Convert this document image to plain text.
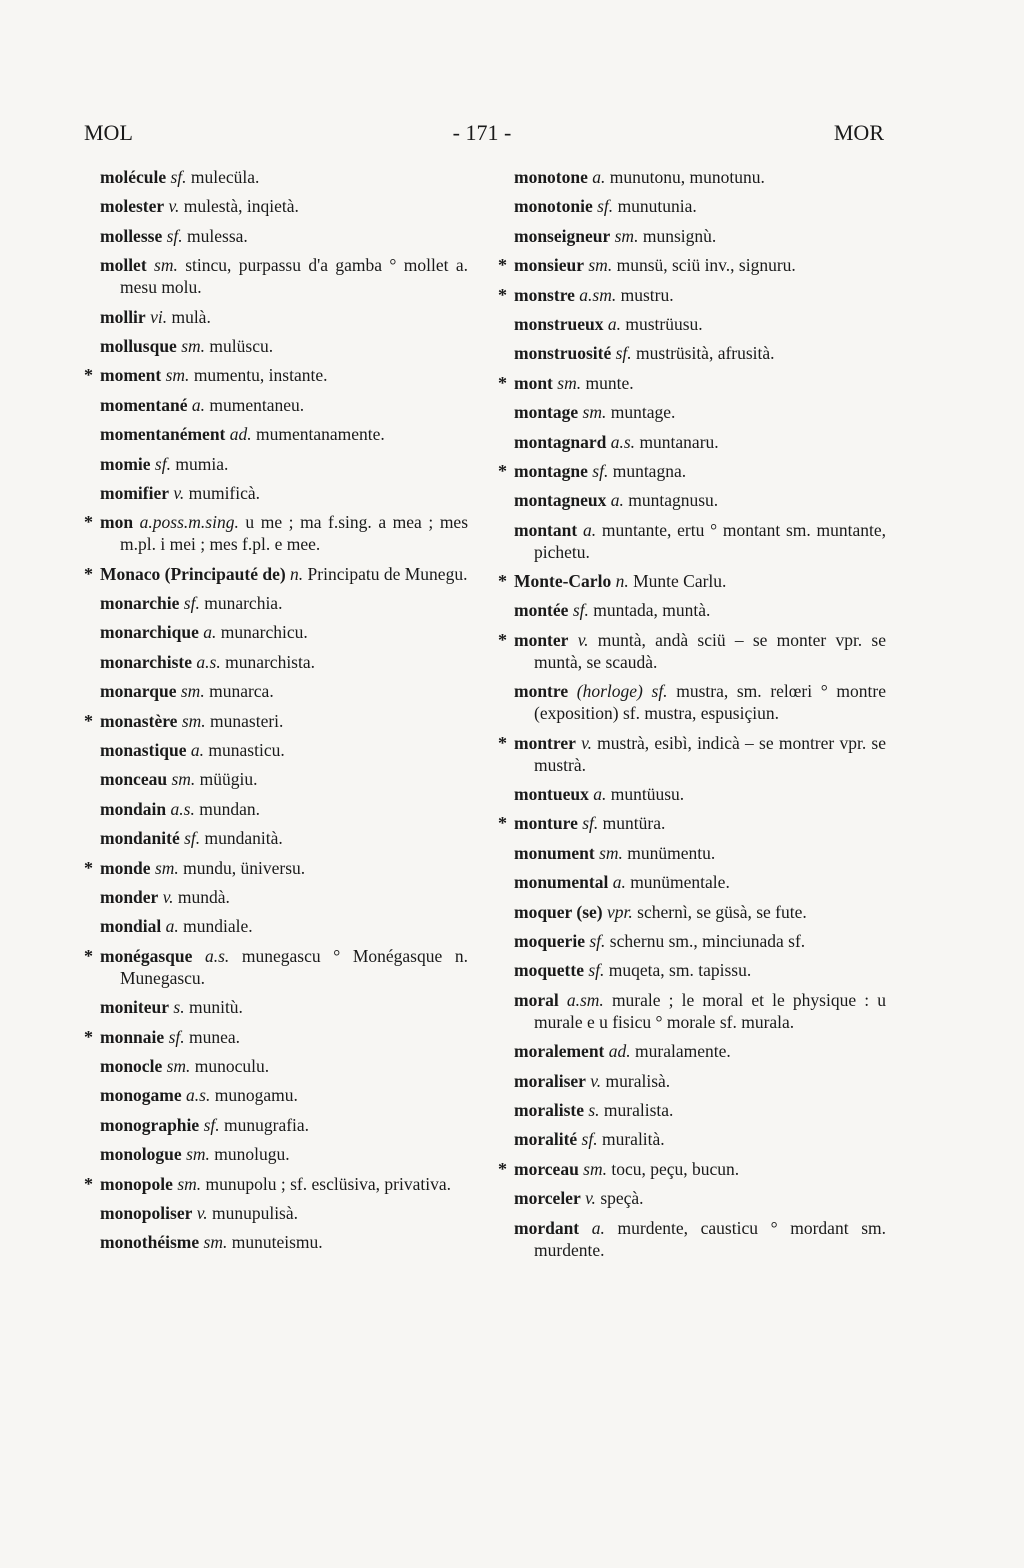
MOL	- 171 -	MOR
molécule sf. mulecüla.
molester v. mulestà, inqietà.
mollesse sf. mulessa.
mollet sm. stincu, purpassu d'a gamba ° mollet a. mesu molu.
mollir vi. mulà.
mollusque sm. mulüscu.
* moment sm. mumentu, instante.
momentané a. mumentaneu.
momentanément ad. mumentanamente.
momie sf. mumia.
momifier v. mumificà.
* mon a.poss.m.sing. u me ; ma f.sing. a mea ; mes m.pl. i mei ; mes f.pl. e mee.
* Monaco (Principauté de) n. Principatu de Munegu.
monarchie sf. munarchia.
monarchique a. munarchicu.
monarchiste a.s. munarchista.
monarque sm. munarca.
* monastère sm. munasteri.
monastique a. munasticu.
monceau sm. müügiu.
mondain a.s. mundan.
mondanité sf. mundanità.
* monde sm. mundu, üniversu.
monder v. mundà.
mondial a. mundiale.
* monégasque a.s. munegascu ° Monégasque n. Munegascu.
moniteur s. munitù.
* monnaie sf. munea.
monocle sm. munoculu.
monogame a.s. munogamu.
monographie sf. munugrafia.
monologue sm. munolugu.
* monopole sm. munupolu ; sf. esclüsiva, privativa.
monopoliser v. munupulisà.
monothéisme sm. munuteismu.
monotone a. munutonu, munotunu.
monotonie sf. munutunia.
monseigneur sm. munsignù.
* monsieur sm. munsü, sciü inv., signuru.
* monstre a.sm. mustru.
monstrueux a. mustrüusu.
monstruosité sf. mustrüsità, afrusità.
* mont sm. munte.
montage sm. muntage.
montagnard a.s. muntanaru.
* montagne sf. muntagna.
montagneux a. muntagnusu.
montant a. muntante, ertu ° montant sm. muntante, pichetu.
* Monte-Carlo n. Munte Carlu.
montée sf. muntada, muntà.
* monter v. muntà, andà sciü – se monter vpr. se muntà, se scaudà.
montre (horloge) sf. mustra, sm. relœri ° montre (exposition) sf. mustra, espusiçiun.
* montrer v. mustrà, esibì, indicà – se montrer vpr. se mustrà.
montueux a. muntüusu.
* monture sf. muntüra.
monument sm. munümentu.
monumental a. munümentale.
moquer (se) vpr. schernì, se güsà, se fute.
moquerie sf. schernu sm., minciunada sf.
moquette sf. muqeta, sm. tapissu.
moral a.sm. murale ; le moral et le physique : u murale e u fisicu ° morale sf. murala.
moralement ad. muralamente.
moraliser v. muralisà.
moraliste s. muralista.
moralité sf. muralità.
* morceau sm. tocu, peçu, bucun.
morceler v. speçà.
mordant a. murdente, causticu ° mordant sm. murdente.
